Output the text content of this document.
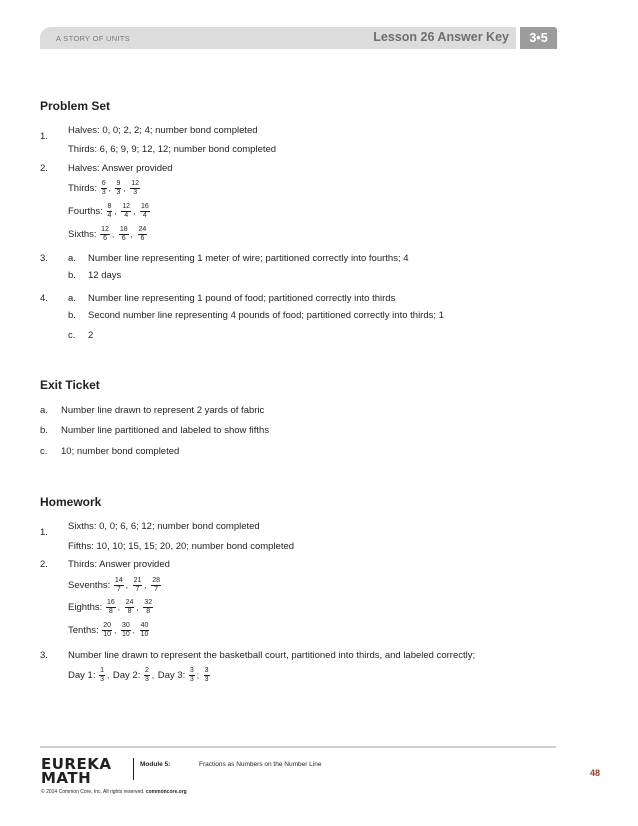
A STORY OF UNITS	Lesson 26 Answer Key	3•5
Problem Set
1.
Halves: 0, 0; 2, 2; 4; number bond completed
Thirds: 6, 6; 9, 9; 12, 12; number bond completed
2. Halves: Answer provided
Thirds: $\frac{6}{3}$ , $\frac{9}{3}$ , $\frac{12}{3}$
Fourths: $\frac{8}{4}$ , $\frac{12}{4}$ , $\frac{16}{4}$
Sixths: $\frac{12}{6}$ , $\frac{18}{6}$ , $\frac{24}{6}$
3. a. Number line representing 1 meter of wire; partitioned correctly into fourths; 4
b. 12 days
4. a. Number line representing 1 pound of food; partitioned correctly into thirds
b. Second number line representing 4 pounds of food; partitioned correctly into thirds; 1
c. 2
Exit Ticket
a. Number line drawn to represent 2 yards of fabric
b. Number line partitioned and labeled to show fifths
c. 10; number bond completed
Homework
1.
Sixths: 0, 0; 6, 6; 12; number bond completed
Fifths: 10, 10; 15, 15; 20, 20; number bond completed
2. Thirds: Answer provided
Sevenths: $\frac{14}{7}$ , $\frac{21}{7}$ , $\frac{28}{7}$
Eighths: $\frac{16}{8}$ , $\frac{24}{8}$ , $\frac{32}{8}$
Tenths: $\frac{20}{10}$ , $\frac{30}{10}$ , $\frac{40}{10}$
3. Number line drawn to represent the basketball court, partitioned into thirds, and labeled correctly;
Day 1: $\frac{1}{3}$ , Day 2: $\frac{2}{3}$ , Day 3: $\frac{3}{3}$ ; $\frac{3}{3}$
EUREKA
MATH
Module 5:	Fractions as Numbers on the Number Line
48
© 2014 Common Core, Inc. All rights reserved. commoncore.org
